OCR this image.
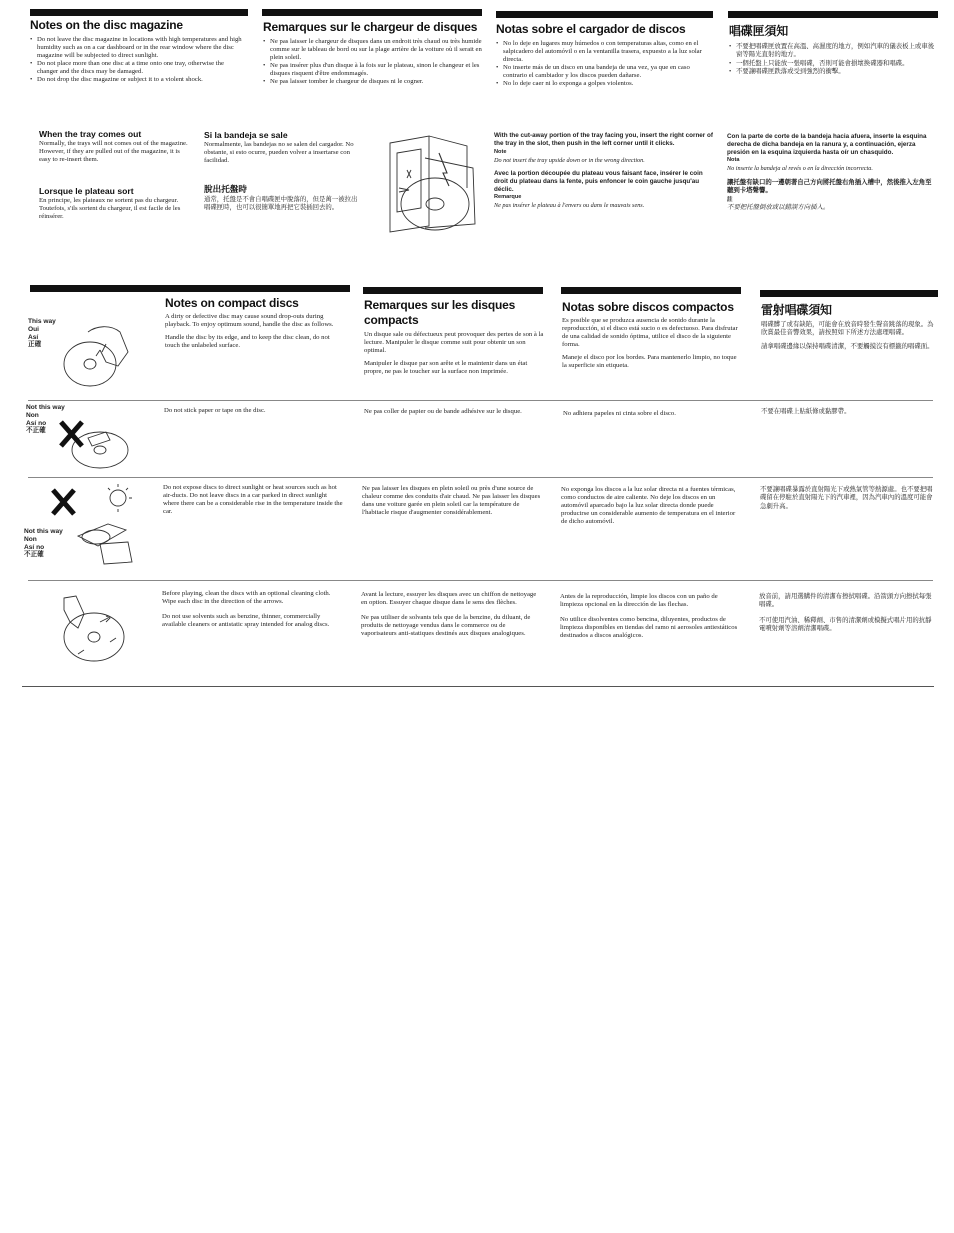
Notes on the disc magazine
• Do not leave the disc magazine in locations with high temperatures and high humidity such as on a car dashboard or in the rear window where the disc magazine will be subjected to direct sunlight.
• Do not place more than one disc at a time onto one tray, otherwise the changer and the discs may be damaged.
• Do not drop the disc magazine or subject it to a violent shock.
Remarques sur le chargeur de disques
• Ne pas laisser le chargeur de disques dans un endroit très chaud ou très humide comme sur le tableau de bord ou sur la plage arrière de la voiture où il serait en plein soleil.
• Ne pas insérer plus d'un disque à la fois sur le plateau, sinon le changeur et les disques risquent d'être endommagés.
• Ne pas laisser tomber le chargeur de disques ni le cogner.
Notas sobre el cargador de discos
• No lo deje en lugares muy húmedos o con temperaturas altas, como en el salpicadero del automóvil o en la ventanilla trasera, expuesto a la luz solar directa.
• No inserte más de un disco en una bandeja de una vez, ya que en caso contrario el cambiador y los discos pueden dañarse.
• No lo deje caer ni lo exponga a golpes violentos.
唱碟匣須知
• 不要把唱碟匣放置在高溫、高濕度的地方，例如汽車的儀表板上或車後窗等陽光直射的地方。
• 一個托盤上只能放一張唱碟，否則可能會損壞換碟器和唱碟。
• 不要讓唱碟匣跌落或受到強烈的衝擊。
When the tray comes out

Normally, the trays will not comes out of the magazine. However, if they are pulled out of the magazine, it is easy to re-insert them.

Lorsque le plateau sort

En principe, les plateaux ne sortent pas du chargeur. Toutefois, s'ils sortent du chargeur, il est facile de les réinsérer.

Si la bandeja se sale

Normalmente, las bandejas no se salen del cargador. No obstante, si esto ocurre, pueden volver a insertarse con facilidad.

脫出托盤時

通常，托盤是不會自唱碟匣中脫落的，但是萬一被拉出唱碟匣時，也可以很簡單地再把它裝插回去的。

With the cut-away portion of the tray facing you, insert the right corner of the tray in the slot, then push in the left corner until it clicks.

Note

Do not insert the tray upside down or in the wrong direction.

Avec la portion découpée du plateau vous faisant face, insérer le coin droit du plateau dans la fente, puis enfoncer le coin gauche jusqu'au déclic.

Remarque

Ne pas insérer le plateau à l'envers ou dans le mauvais sens.

Con la parte de corte de la bandeja hacia afuera, inserte la esquina derecha de dicha bandeja en la ranura y, a continuación, ejerza presión en la esquina izquierda hasta oír un chasquido.

Nota

No inserte la bandeja al revés o en la dirección incorrecta.

讓托盤有缺口的一邊朝著自己方向將托盤右角插入槽中，然後推入左角至聽到卡塔聲響。

註

不要把托盤倒放或以錯誤方向插入。

Notes on compact discs

A dirty or defective disc may cause sound drop-outs during playback. To enjoy optimum sound, handle the disc as follows.

Handle the disc by its edge, and to keep the disc clean, do not touch the unlabeled surface.

Remarques sur les disques compacts

Un disque sale ou défectueux peut provoquer des pertes de son à la lecture. Manipuler le disque comme suit pour obtenir un son optimal.

Manipuler le disque par son arête et le maintenir dans un état propre, ne pas le toucher sur la surface non imprimée.

Notas sobre discos compactos

Es posible que se produzca ausencia de sonido durante la reproducción, si el disco está sucio o es defectuoso. Para disfrutar de una calidad de sonido óptima, utilice el disco de la siguiente forma.

Maneje el disco por los bordes. Para mantenerlo limpio, no toque la superficie sin etiqueta.

雷射唱碟須知

唱碟髒了或有缺陷，可能會在放音時發生聲音跳落的現象。為欣賞最佳音響效果，請按照如下所述方法處理唱碟。

請拿唱碟邊緣以保持唱碟清潔，不要觸摸沒有標籤的唱碟面。

This way

Oui

Así

正確

Not this way

Non

Así no

不正確

Do not stick paper or tape on the disc.	Ne pas coller de papier ou de bande adhésive sur le disque.	No adhiera papeles ni cinta sobre el disco.	不要在唱碟上貼紙條或黏膠帶。

Not this way

Non

Así no

不正確

Do not expose discs to direct sunlight or heat sources such as hot air-ducts. Do not leave discs in a car parked in direct sunlight where there can be a considerable rise in the temperature inside the car.

Ne pas laisser les disques en plein soleil ou près d'une source de chaleur comme des conduits d'air chaud. Ne pas laisser les disques dans une voiture garée en plein soleil car la température de l'habitacle risque d'augmenter considérablement.

No exponga los discos a la luz solar directa ni a fuentes térmicas, como conductos de aire caliente. No deje los discos en un automóvil aparcado bajo la luz solar directa donde puede producirse un considerable aumento de temperatura en el interior de dicho automóvil.

不要讓唱碟暴露於直射陽光下或熱氣管等熱源處。也不要把唱碟留在停駐於直射陽光下的汽車裡，因為汽車內的溫度可能會急劇升高。

Before playing, clean the discs with an optional cleaning cloth. Wipe each disc in the direction of the arrows.

Do not use solvents such as benzine, thinner, commercially available cleaners or antistatic spray intended for analog discs.

Avant la lecture, essuyer les disques avec un chiffon de nettoyage en option. Essuyer chaque disque dans le sens des flèches.

Ne pas utiliser de solvants tels que de la benzine, du diluant, de produits de nettoyage vendus dans le commerce ou de vaporisateurs anti-statiques destinés aux disques analogiques.

Antes de la reproducción, limpie los discos con un paño de limpieza opcional en la dirección de las flechas.

No utilice disolventes como bencina, diluyentes, productos de limpieza disponibles en tiendas del ramo ni aerosoles antiestáticos destinados a discos analógicos.

放音前，請用選購件的清潔布擦拭唱碟。沿箭頭方向擦拭每張唱碟。

不可使用汽油、稀釋劑、市售的清潔劑或模擬式唱片用的抗靜電噴射劑等溶劑清潔唱碟。
